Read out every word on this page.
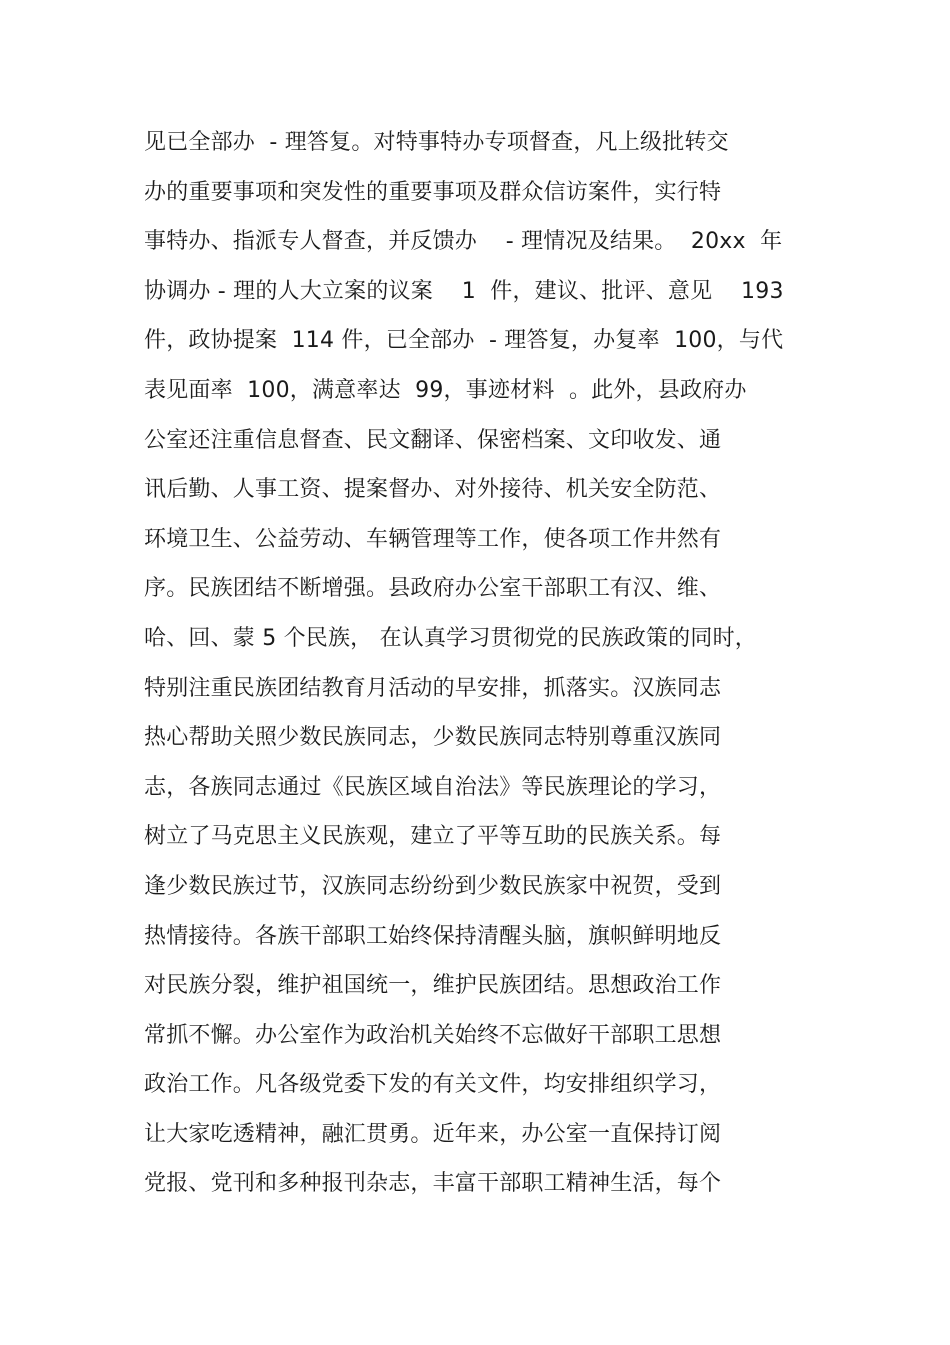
见已全部办  - 理答复。对特事特办专项督查，凡上级批转交
办的重要事项和突发性的重要事项及群众信访案件，实行特
事特办、指派专人督查，并反馈办    - 理情况及结果。  20xx  年
协调办 - 理的人大立案的议案    1  件，建议、批评、意见    193
件，政协提案  114 件，已全部办  - 理答复，办复率  100，与代
表见面率  100，满意率达  99，事迹材料  。此外，县政府办
公室还注重信息督查、民文翻译、保密档案、文印收发、通
讯后勤、人事工资、提案督办、对外接待、机关安全防范、
环境卫生、公益劳动、车辆管理等工作，使各项工作井然有
序。民族团结不断增强。县政府办公室干部职工有汉、维、
哈、回、蒙 5 个民族， 在认真学习贯彻党的民族政策的同时，
特别注重民族团结教育月活动的早安排，抓落实。汉族同志
热心帮助关照少数民族同志，少数民族同志特别尊重汉族同
志，各族同志通过《民族区域自治法》等民族理论的学习，
树立了马克思主义民族观，建立了平等互助的民族关系。每
逢少数民族过节，汉族同志纷纷到少数民族家中祝贺，受到
热情接待。各族干部职工始终保持清醒头脑，旗帜鲜明地反
对民族分裂，维护祖国统一，维护民族团结。思想政治工作
常抓不懈。办公室作为政治机关始终不忘做好干部职工思想
政治工作。凡各级党委下发的有关文件，均安排组织学习，
让大家吃透精神，融汇贯勇。近年来，办公室一直保持订阅
党报、党刊和多种报刊杂志，丰富干部职工精神生活，每个
